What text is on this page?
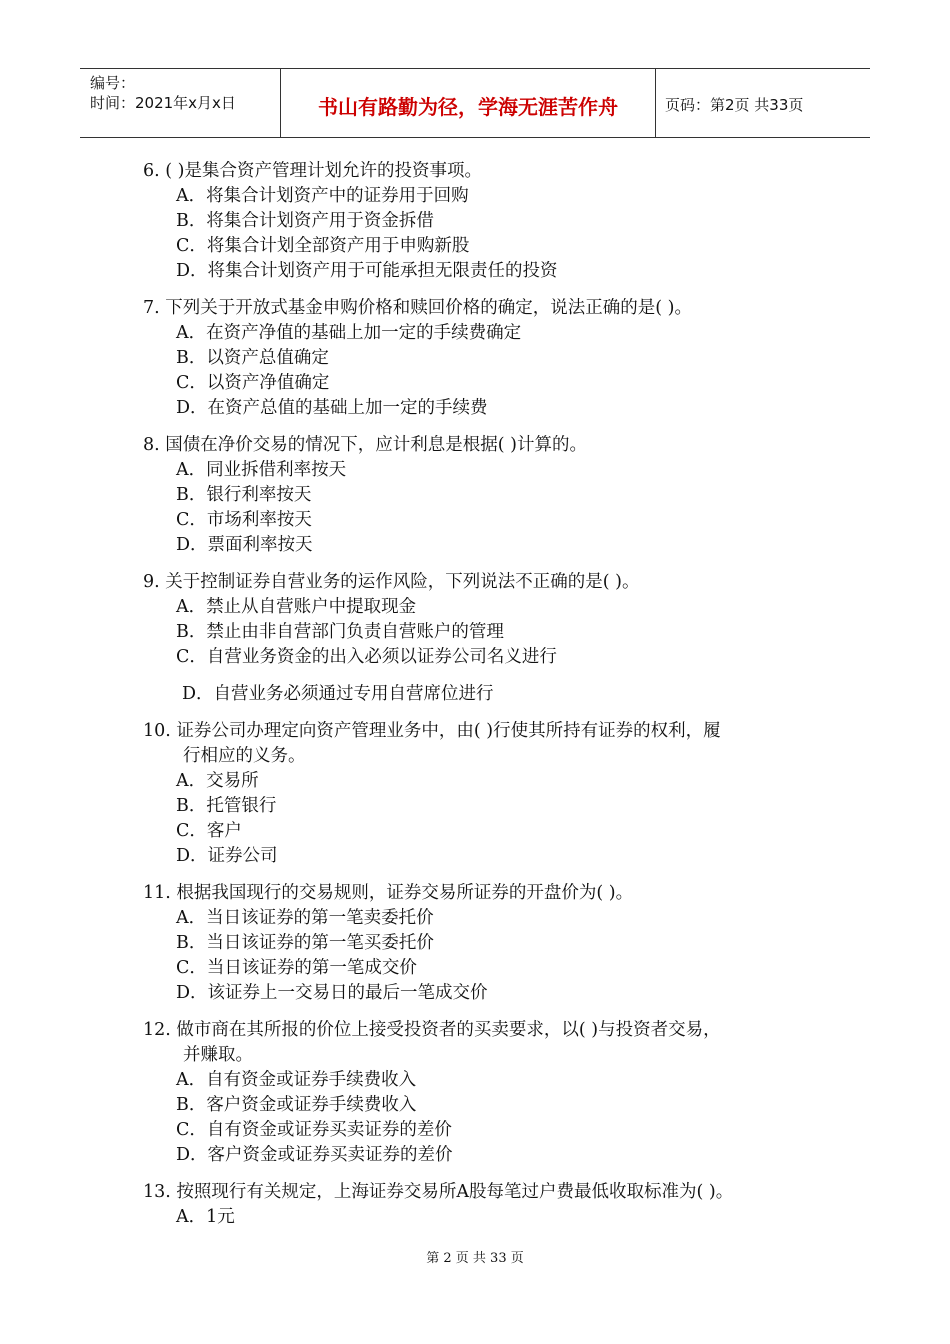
编号：
时间：2021年x月x日	书山有路勤为径，学海无涯苦作舟	页码：第2页 共33页
6. ( )是集合资产管理计划允许的投资事项。
A．将集合计划资产中的证券用于回购
B．将集合计划资产用于资金拆借
C．将集合计划全部资产用于申购新股
D．将集合计划资产用于可能承担无限责任的投资
7. 下列关于开放式基金申购价格和赎回价格的确定，说法正确的是( )。
A．在资产净值的基础上加一定的手续费确定
B．以资产总值确定
C．以资产净值确定
D．在资产总值的基础上加一定的手续费
8. 国债在净价交易的情况下，应计利息是根据( )计算的。
A．同业拆借利率按天
B．银行利率按天
C．市场利率按天
D．票面利率按天
9. 关于控制证券自营业务的运作风险，下列说法不正确的是( )。
A．禁止从自营账户中提取现金
B．禁止由非自营部门负责自营账户的管理
C．自营业务资金的出入必须以证券公司名义进行
D．自营业务必须通过专用自营席位进行
10. 证券公司办理定向资产管理业务中，由( )行使其所持有证券的权利，履
行相应的义务。
A．交易所
B．托管银行
C．客户
D．证券公司
11. 根据我国现行的交易规则，证券交易所证券的开盘价为( )。
A．当日该证券的第一笔卖委托价
B．当日该证券的第一笔买委托价
C．当日该证券的第一笔成交价
D．该证券上一交易日的最后一笔成交价
12. 做市商在其所报的价位上接受投资者的买卖要求，以( )与投资者交易，
并赚取。
A．自有资金或证券手续费收入
B．客户资金或证券手续费收入
C．自有资金或证券买卖证券的差价
D．客户资金或证券买卖证券的差价
13. 按照现行有关规定，上海证券交易所A股每笔过户费最低收取标准为( )。
A．1元
第 2 页 共 33 页
